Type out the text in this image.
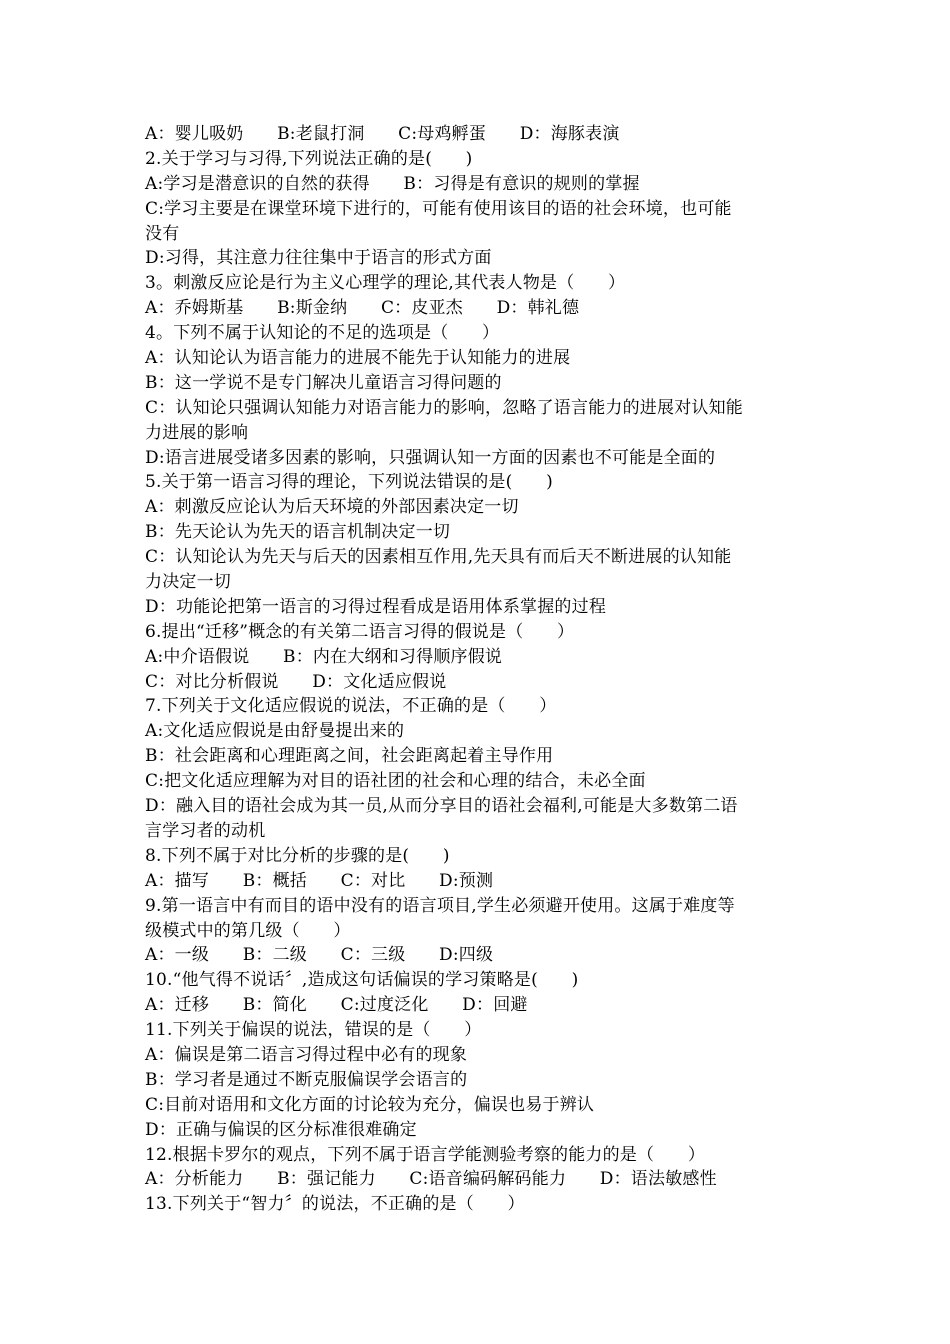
A：婴儿吸奶      B:老鼠打洞      C:母鸡孵蛋      D：海豚表演
2.关于学习与习得,下列说法正确的是(      )
A:学习是潜意识的自然的获得      B：习得是有意识的规则的掌握
C:学习主要是在课堂环境下进行的，可能有使用该目的语的社会环境，也可能
没有
D:习得，其注意力往往集中于语言的形式方面
3。刺激反应论是行为主义心理学的理论,其代表人物是（      ）
A：乔姆斯基      B:斯金纳      C：皮亚杰      D：韩礼德
4。下列不属于认知论的不足的选项是（      ）
A：认知论认为语言能力的进展不能先于认知能力的进展
B：这一学说不是专门解决儿童语言习得问题的
C：认知论只强调认知能力对语言能力的影响，忽略了语言能力的进展对认知能
力进展的影响
D:语言进展受诸多因素的影响，只强调认知一方面的因素也不可能是全面的
5.关于第一语言习得的理论，下列说法错误的是(      )
A：刺激反应论认为后天环境的外部因素决定一切
B：先天论认为先天的语言机制决定一切
C：认知论认为先天与后天的因素相互作用,先天具有而后天不断进展的认知能
力决定一切
D：功能论把第一语言的习得过程看成是语用体系掌握的过程
6.提出“迁移”概念的有关第二语言习得的假说是（      ）
A:中介语假说      B：内在大纲和习得顺序假说
C：对比分析假说      D：文化适应假说
7.下列关于文化适应假说的说法，不正确的是（      ）
A:文化适应假说是由舒曼提出来的
B：社会距离和心理距离之间，社会距离起着主导作用
C:把文化适应理解为对目的语社团的社会和心理的结合，未必全面
D：融入目的语社会成为其一员,从而分享目的语社会福利,可能是大多数第二语
言学习者的动机
8.下列不属于对比分析的步骤的是(      )
A：描写      B：概括      C：对比      D:预测
9.第一语言中有而目的语中没有的语言项目,学生必须避开使用。这属于难度等
级模式中的第几级（      ）
A：一级      B：二级      C：三级      D:四级
10.“他气得不说话〞,造成这句话偏误的学习策略是(      )
A：迁移      B：简化      C:过度泛化      D：回避
11.下列关于偏误的说法，错误的是（      ）
A：偏误是第二语言习得过程中必有的现象
B：学习者是通过不断克服偏误学会语言的
C:目前对语用和文化方面的讨论较为充分，偏误也易于辨认
D：正确与偏误的区分标准很难确定
12.根据卡罗尔的观点，下列不属于语言学能测验考察的能力的是（      ）
A：分析能力      B：强记能力      C:语音编码解码能力      D：语法敏感性
13.下列关于“智力〞的说法，不正确的是（      ）
